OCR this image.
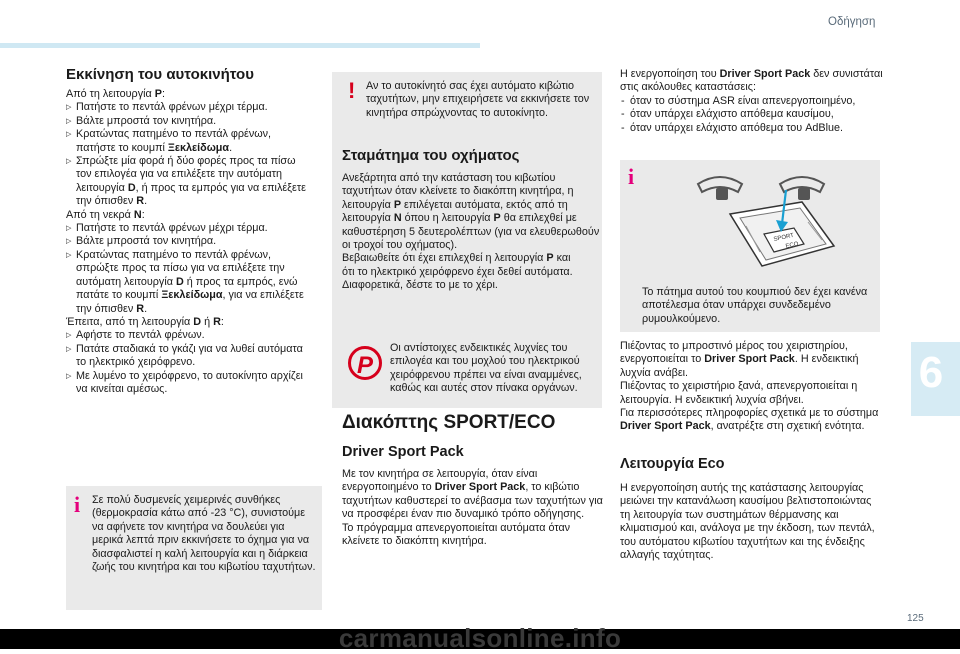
Οδήγηση
6
125
Εκκίνηση του αυτοκινήτου
Από τη λειτουργία P:
▷ Πατήστε το πεντάλ φρένων μέχρι τέρμα.
▷ Βάλτε μπροστά τον κινητήρα.
▷ Κρατώντας πατημένο το πεντάλ φρένων,
πατήστε το κουμπί Ξεκλείδωμα.
▷ Σπρώξτε μία φορά ή δύο φορές προς τα πίσω
τον επιλογέα για να επιλέξετε την αυτόματη
λειτουργία D, ή προς τα εμπρός για να επιλέξετε
την όπισθεν R.
Από τη νεκρά N:
▷ Πατήστε το πεντάλ φρένων μέχρι τέρμα.
▷ Βάλτε μπροστά τον κινητήρα.
▷ Κρατώντας πατημένο το πεντάλ φρένων,
σπρώξτε προς τα πίσω για να επιλέξετε την
αυτόματη λειτουργία D ή προς τα εμπρός, ενώ
πατάτε το κουμπί Ξεκλείδωμα, για να επιλέξετε
την όπισθεν R.
Έπειτα, από τη λειτουργία D ή R:
▷ Αφήστε το πεντάλ φρένων.
▷ Πατάτε σταδιακά το γκάζι για να λυθεί αυτόματα
το ηλεκτρικό χειρόφρενο.
▷ Με λυμένο το χειρόφρενο, το αυτοκίνητο αρχίζει
να κινείται αμέσως.
i	Σε πολύ δυσμενείς χειμερινές συνθήκες
(θερμοκρασία κάτω από -23 °C), συνιστούμε
να αφήνετε τον κινητήρα να δουλεύει για
μερικά λεπτά πριν εκκινήσετε το όχημα για να
διασφαλιστεί η καλή λειτουργία και η διάρκεια
ζωής του κινητήρα και του κιβωτίου ταχυτήτων.
! Αν το αυτοκίνητό σας έχει αυτόματο κιβώτιο
ταχυτήτων, μην επιχειρήσετε να εκκινήσετε τον
κινητήρα σπρώχνοντας το αυτοκίνητο.
Σταμάτημα του οχήματος
Ανεξάρτητα από την κατάσταση του κιβωτίου
ταχυτήτων όταν κλείνετε το διακόπτη κινητήρα, η
λειτουργία P επιλέγεται αυτόματα, εκτός από τη
λειτουργία N όπου η λειτουργία P θα επιλεχθεί με
καθυστέρηση 5 δευτερολέπτων (για να ελευθερωθούν
οι τροχοί του οχήματος).
Βεβαιωθείτε ότι έχει επιλεχθεί η λειτουργία P και
ότι το ηλεκτρικό χειρόφρενο έχει δεθεί αυτόματα.
Διαφορετικά, δέστε το με το χέρι.
P
Οι αντίστοιχες ενδεικτικές λυχνίες του
επιλογέα και του μοχλού του ηλεκτρικού
χειρόφρενου πρέπει να είναι αναμμένες,
καθώς και αυτές στον πίνακα οργάνων.
Διακόπτης SPORT/ECO
Driver Sport Pack
Με τον κινητήρα σε λειτουργία, όταν είναι
ενεργοποιημένο το Driver Sport Pack, το κιβώτιο
ταχυτήτων καθυστερεί το ανέβασμα των ταχυτήτων για
να προσφέρει έναν πιο δυναμικό τρόπο οδήγησης.
Το πρόγραμμα απενεργοποιείται αυτόματα όταν
κλείνετε το διακόπτη κινητήρα.
Η ενεργοποίηση του Driver Sport Pack δεν συνιστάται
στις ακόλουθες καταστάσεις:
- όταν το σύστημα ASR είναι απενεργοποιημένο,
- όταν υπάρχει ελάχιστο απόθεμα καυσίμου,
- όταν υπάρχει ελάχιστο απόθεμα του AdBlue.
i
SPORT
ECO
Το πάτημα αυτού του κουμπιού δεν έχει κανένα
αποτέλεσμα όταν υπάρχει συνδεδεμένο
ρυμουλκούμενο.
Πιέζοντας το μπροστινό μέρος του χειριστηρίου,
ενεργοποιείται το Driver Sport Pack. Η ενδεικτική
λυχνία ανάβει.
Πιέζοντας το χειριστήριο ξανά, απενεργοποιείται η
λειτουργία. Η ενδεικτική λυχνία σβήνει.
Για περισσότερες πληροφορίες σχετικά με το σύστημα
Driver Sport Pack, ανατρέξτε στη σχετική ενότητα.
Λειτουργία Eco
Η ενεργοποίηση αυτής της κατάστασης λειτουργίας
μειώνει την κατανάλωση καυσίμου βελτιστοποιώντας
τη λειτουργία των συστημάτων θέρμανσης και
κλιματισμού και, ανάλογα με την έκδοση, των πεντάλ,
του αυτόματου κιβωτίου ταχυτήτων και της ένδειξης
αλλαγής ταχύτητας.
carmanualsonline.info
